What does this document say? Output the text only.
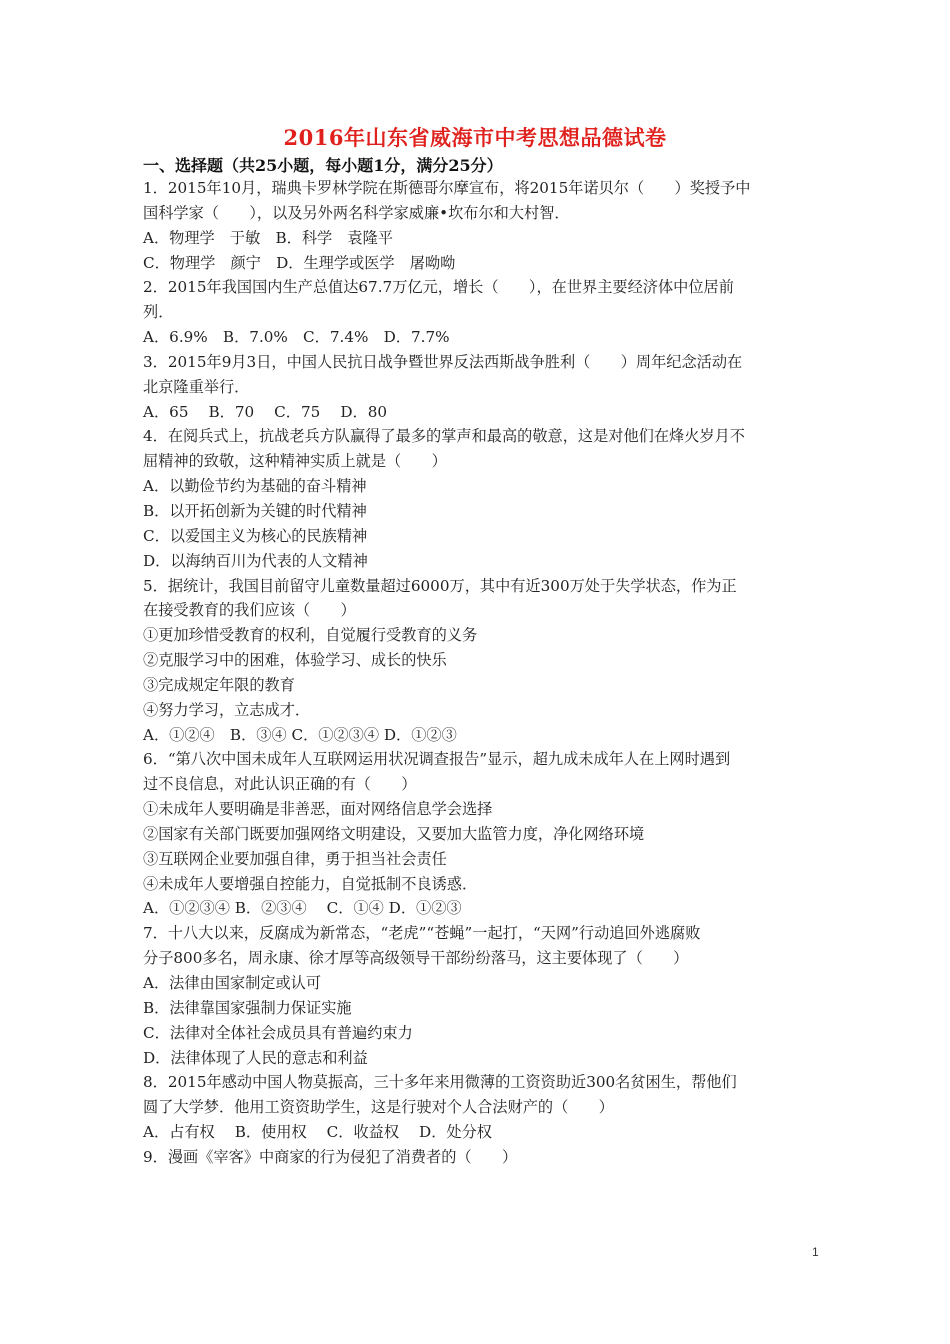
2016年山东省威海市中考思想品德试卷
一、选择题（共25小题，每小题1分，满分25分）
1．2015年10月，瑞典卡罗林学院在斯德哥尔摩宣布，将2015年诺贝尔（　　）奖授予中
国科学家（　　），以及另外两名科学家威廉•坎布尔和大村智．
A．物理学　于敏　B．科学　袁隆平
C．物理学　颜宁　D．生理学或医学　屠呦呦
2．2015年我国国内生产总值达67.7万亿元，增长（　　），在世界主要经济体中位居前
列．
A．6.9%　B．7.0%　C．7.4%　D．7.7%
3．2015年9月3日，中国人民抗日战争暨世界反法西斯战争胜利（　　）周年纪念活动在
北京隆重举行．
A．65　 B．70　 C．75　 D．80
4．在阅兵式上，抗战老兵方队赢得了最多的掌声和最高的敬意，这是对他们在烽火岁月不
屈精神的致敬，这种精神实质上就是（　　）
A．以勤俭节约为基础的奋斗精神
B．以开拓创新为关键的时代精神
C．以爱国主义为核心的民族精神
D．以海纳百川为代表的人文精神
5．据统计，我国目前留守儿童数量超过6000万，其中有近300万处于失学状态，作为正
在接受教育的我们应该（　　）
①更加珍惜受教育的权利，自觉履行受教育的义务
②克服学习中的困难，体验学习、成长的快乐
③完成规定年限的教育
④努力学习，立志成才．
A．①②④　B．③④ C．①②③④ D．①②③
6．“第八次中国未成年人互联网运用状况调查报告”显示，超九成未成年人在上网时遇到
过不良信息，对此认识正确的有（　　）
①未成年人要明确是非善恶，面对网络信息学会选择
②国家有关部门既要加强网络文明建设，又要加大监管力度，净化网络环境
③互联网企业要加强自律，勇于担当社会责任
④未成年人要增强自控能力，自觉抵制不良诱惑．
A．①②③④ B．②③④　 C．①④ D．①②③
7．十八大以来，反腐成为新常态，“老虎”“苍蝇”一起打，“天网”行动追回外逃腐败
分子800多名，周永康、徐才厚等高级领导干部纷纷落马，这主要体现了（　　）
A．法律由国家制定或认可
B．法律靠国家强制力保证实施
C．法律对全体社会成员具有普遍约束力
D．法律体现了人民的意志和利益
8．2015年感动中国人物莫振高，三十多年来用微薄的工资资助近300名贫困生，帮他们
圆了大学梦．他用工资资助学生，这是行驶对个人合法财产的（　　）
A．占有权　 B．使用权　 C．收益权　 D．处分权
9．漫画《宰客》中商家的行为侵犯了消费者的（　　）
1
